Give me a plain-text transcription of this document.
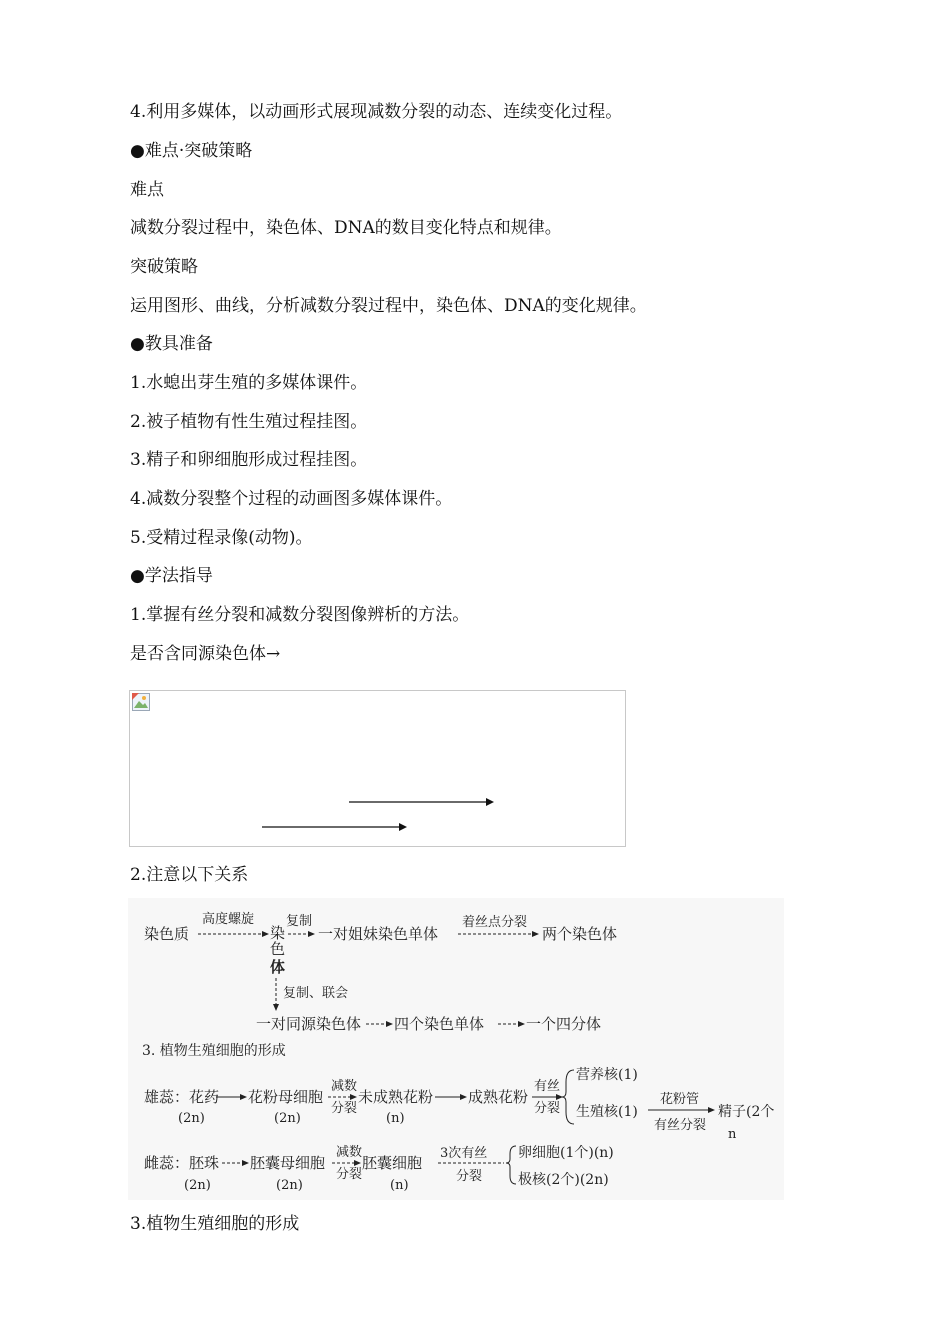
4.利用多媒体，以动画形式展现减数分裂的动态、连续变化过程。
●难点·突破策略
难点
减数分裂过程中，染色体、DNA的数目变化特点和规律。
突破策略
运用图形、曲线，分析减数分裂过程中，染色体、DNA的变化规律。
●教具准备
1.水螅出芽生殖的多媒体课件。
2.被子植物有性生殖过程挂图。
3.精子和卵细胞形成过程挂图。
4.减数分裂整个过程的动画图多媒体课件。
5.受精过程录像(动物)。
●学法指导
1.掌握有丝分裂和减数分裂图像辨析的方法。
是否含同源染色体→
2.注意以下关系
染色质
高度螺旋
染
色
体
复制
一对姐妹染色单体
着丝点分裂
两个染色体
复制、联会
一对同源染色体 四个染色单体	一个四分体
3. 植物生殖细胞的形成
雄蕊：花药
(2n)
花粉母细胞
(2n)
减数
分裂
未成熟花粉
(n)
成熟花粉
有丝
分裂
营养核(1)
生殖核(1)
花粉管
有丝分裂
精子(2个
n
雌蕊：胚珠
(2n)
胚囊母细胞
(2n)
减数
分裂
胚囊细胞
(n)
3次有丝
分裂
卵细胞(1个)(n)
极核(2个)(2n)
3.植物生殖细胞的形成
